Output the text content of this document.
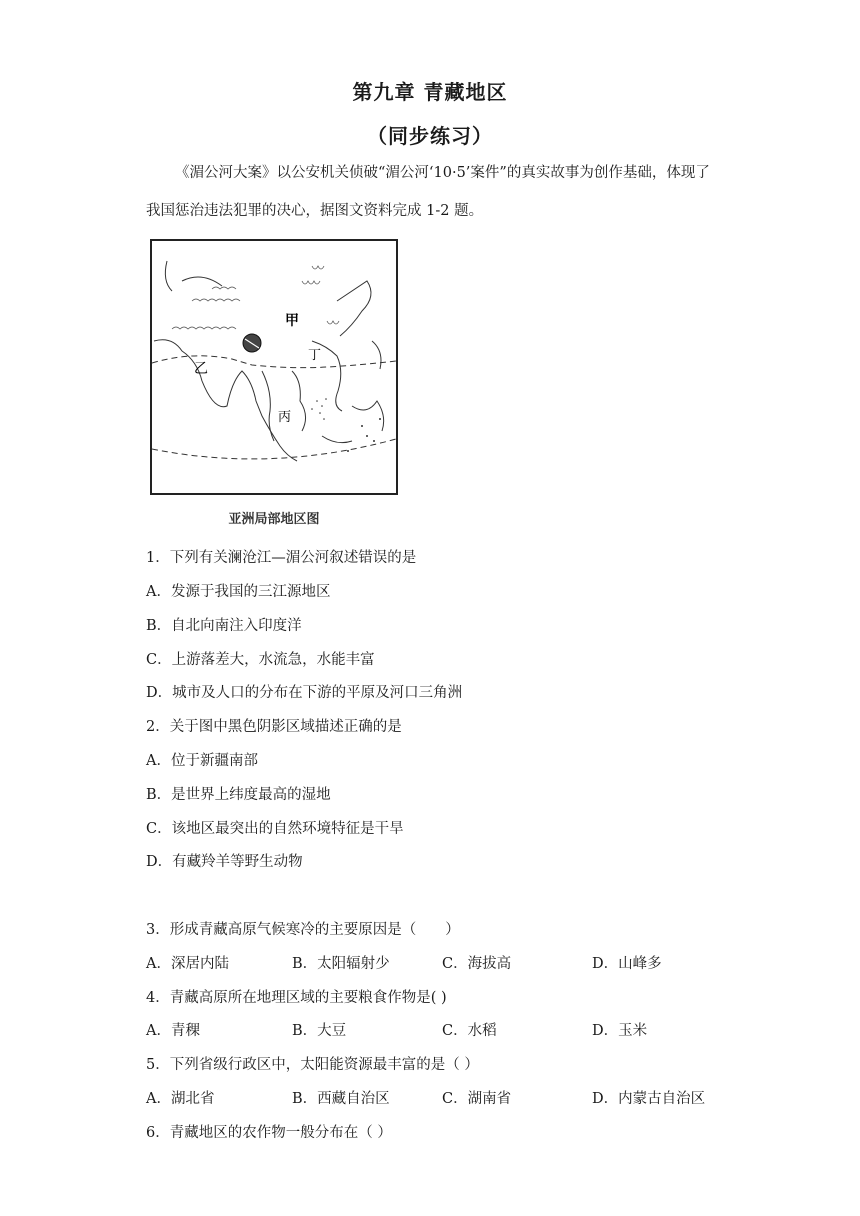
第九章 青藏地区
（同步练习）

《湄公河大案》以公安机关侦破“湄公河‘10·5’案件”的真实故事为创作基础，体现了我国惩治违法犯罪的决心，据图文资料完成 1-2 题。

甲
乙
丙
丁
亚洲局部地区图
1．下列有关澜沧江—湄公河叙述错误的是
A．发源于我国的三江源地区
B．自北向南注入印度洋
C．上游落差大，水流急，水能丰富
D．城市及人口的分布在下游的平原及河口三角洲
2．关于图中黑色阴影区域描述正确的是
A．位于新疆南部
B．是世界上纬度最高的湿地
C．该地区最突出的自然环境特征是干旱
D．有藏羚羊等野生动物
3．形成青藏高原气候寒冷的主要原因是（　　）
A．深居内陆	B．太阳辐射少	C．海拔高	D．山峰多
4．青藏高原所在地理区域的主要粮食作物是( )
A．青稞	B．大豆	C．水稻	D．玉米
5．下列省级行政区中，太阳能资源最丰富的是（ ）
A．湖北省	B．西藏自治区	C．湖南省	D．内蒙古自治区
6．青藏地区的农作物一般分布在（ ）
